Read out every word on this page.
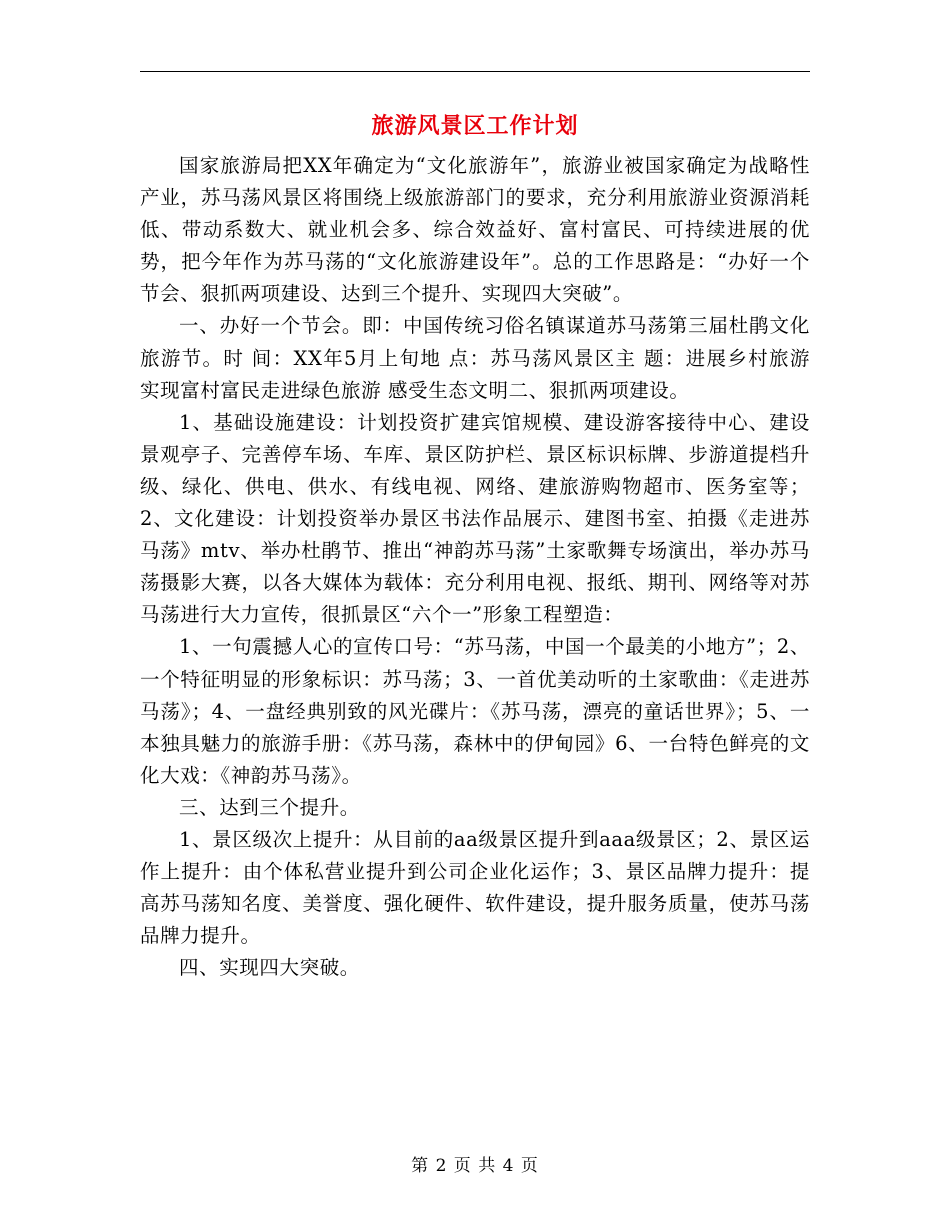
旅游风景区工作计划

国家旅游局把XX年确定为“文化旅游年”，旅游业被国家确定为战略性产业，苏马荡风景区将围绕上级旅游部门的要求，充分利用旅游业资源消耗低、带动系数大、就业机会多、综合效益好、富村富民、可持续进展的优势，把今年作为苏马荡的“文化旅游建设年”。总的工作思路是：“办好一个节会、狠抓两项建设、达到三个提升、实现四大突破”。

一、办好一个节会。即：中国传统习俗名镇谋道苏马荡第三届杜鹃文化旅游节。时 间：XX年5月上旬地 点：苏马荡风景区主 题：进展乡村旅游 实现富村富民走进绿色旅游 感受生态文明二、狠抓两项建设。

1、基础设施建设：计划投资扩建宾馆规模、建设游客接待中心、建设景观亭子、完善停车场、车库、景区防护栏、景区标识标牌、步游道提档升级、绿化、供电、供水、有线电视、网络、建旅游购物超市、医务室等；2、文化建设：计划投资举办景区书法作品展示、建图书室、拍摄《走进苏马荡》mtv、举办杜鹃节、推出“神韵苏马荡”土家歌舞专场演出，举办苏马荡摄影大赛，以各大媒体为载体：充分利用电视、报纸、期刊、网络等对苏马荡进行大力宣传，很抓景区“六个一”形象工程塑造：

1、一句震撼人心的宣传口号：“苏马荡，中国一个最美的小地方”；2、一个特征明显的形象标识：苏马荡；3、一首优美动听的土家歌曲：《走进苏马荡》；4、一盘经典别致的风光碟片：《苏马荡，漂亮的童话世界》；5、一本独具魅力的旅游手册：《苏马荡，森林中的伊甸园》6、一台特色鲜亮的文化大戏：《神韵苏马荡》。

三、达到三个提升。

1、景区级次上提升：从目前的aa级景区提升到aaa级景区；2、景区运作上提升：由个体私营业提升到公司企业化运作；3、景区品牌力提升：提高苏马荡知名度、美誉度、强化硬件、软件建设，提升服务质量，使苏马荡品牌力提升。

四、实现四大突破。

第 2 页 共 4 页
